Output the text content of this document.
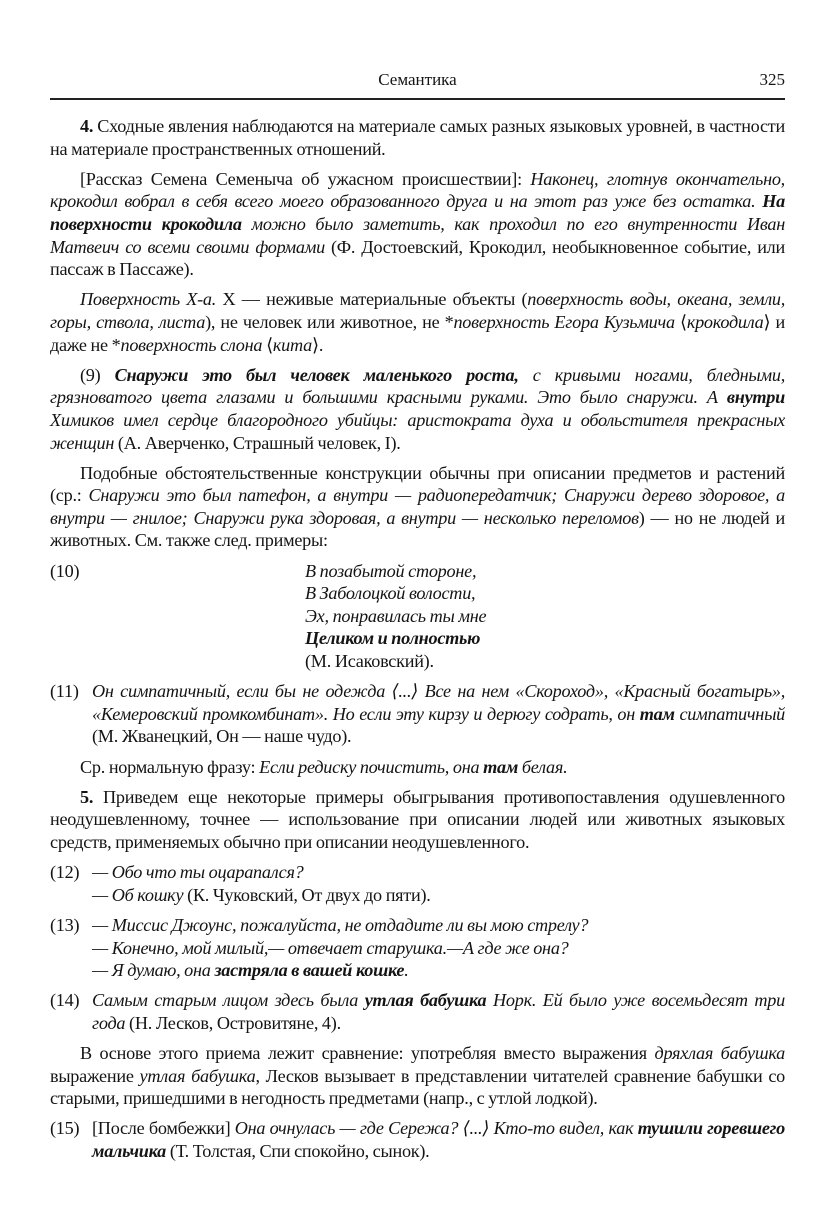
Семантика	325
4. Сходные явления наблюдаются на материале самых разных языковых уровней, в частности на материале пространственных отношений.
[Рассказ Семена Семеныча об ужасном происшествии]: Наконец, глотнув окончательно, крокодил вобрал в себя всего моего образованного друга и на этот раз уже без остатка. На поверхности крокодила можно было заметить, как проходил по его внутренности Иван Матвеич со всеми своими формами (Ф. Достоевский, Крокодил, необыкновенное событие, или пассаж в Пассаже).
Поверхность X-а. X — неживые материальные объекты (поверхность воды, океана, земли, горы, ствола, листа), не человек или животное, не *поверхность Егора Кузьмича ⟨крокодила⟩ и даже не *поверхность слона ⟨кита⟩.
(9) Снаружи это был человек маленького роста, с кривыми ногами, бледными, грязноватого цвета глазами и большими красными руками. Это было снаружи. А внутри Химиков имел сердце благородного убийцы: аристократа духа и обольстителя прекрасных женщин (А. Аверченко, Страшный человек, I).
Подобные обстоятельственные конструкции обычны при описании предметов и растений (ср.: Снаружи это был патефон, а внутри — радиопередатчик; Снаружи дерево здоровое, а внутри — гнилое; Снаружи рука здоровая, а внутри — несколько переломов) — но не людей и животных. См. также след. примеры:
(10)	В позабытой стороне,
В Заболоцкой волости,
Эх, понравилась ты мне
Целиком и полностью
(М. Исаковский).
(11) Он симпатичный, если бы не одежда ⟨...⟩ Все на нем «Скороход», «Красный богатырь», «Кемеровский промкомбинат». Но если эту кирзу и дерюгу содрать, он там симпатичный (М. Жванецкий, Он — наше чудо).
Ср. нормальную фразу: Если редиску почистить, она там белая.
5. Приведем еще некоторые примеры обыгрывания противопоставления одушевленного неодушевленному, точнее — использование при описании людей или животных языковых средств, применяемых обычно при описании неодушевленного.
(12) — Обо что ты оцарапался?
— Об кошку (К. Чуковский, От двух до пяти).
(13) — Миссис Джоунс, пожалуйста, не отдадите ли вы мою стрелу?
— Конечно, мой милый,— отвечает старушка.—А где же она?
— Я думаю, она застряла в вашей кошке.
(14) Самым старым лицом здесь была утлая бабушка Норк. Ей было уже восемьдесят три года (Н. Лесков, Островитяне, 4).
В основе этого приема лежит сравнение: употребляя вместо выражения дряхлая бабушка выражение утлая бабушка, Лесков вызывает в представлении читателей сравнение бабушки со старыми, пришедшими в негодность предметами (напр., с утлой лодкой).
(15) [После бомбежки] Она очнулась — где Сережа? ⟨...⟩ Кто-то видел, как тушили горевшего мальчика (Т. Толстая, Спи спокойно, сынок).
